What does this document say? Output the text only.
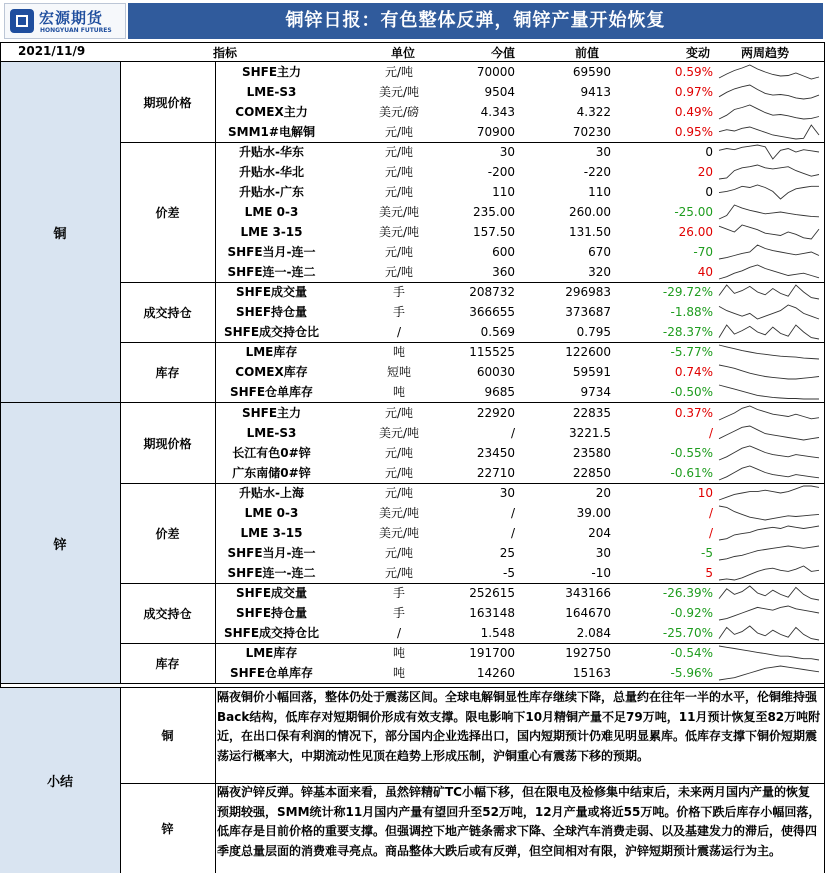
宏源期货
HONGYUAN FUTURES	铜锌日报：有色整体反弹，铜锌产量开始恢复
2021/11/9	指标	单位	今值	前值	变动	两周趋势
SHFE主力	元/吨	70000	69590	0.59%
LME-S3	美元/吨	9504	9413	0.97%
COMEX主力	美元/磅	4.343	4.322	0.49%
SMM1#电解铜	元/吨	70900	70230	0.95%
期现价格
升贴水-华东	元/吨	30	30	0
升贴水-华北	元/吨	-200	-220	20
升贴水-广东	元/吨	110	110	0
LME 0-3	美元/吨	235.00	260.00	-25.00
LME 3-15	美元/吨	157.50	131.50	26.00
SHFE当月-连一	元/吨	600	670	-70
SHFE连一-连二	元/吨	360	320	40
价差
SHFE成交量	手	208732	296983	-29.72%
SHEF持仓量	手	366655	373687	-1.88%
SHFE成交持仓比	/	0.569	0.795	-28.37%
成交持仓
LME库存	吨	115525	122600	-5.77%
COMEX库存	短吨	60030	59591	0.74%
SHFE仓单库存	吨	9685	9734	-0.50%
库存
铜
SHFE主力	元/吨	22920	22835	0.37%
LME-S3	美元/吨	/	3221.5	/
长江有色0#锌	元/吨	23450	23580	-0.55%
广东南储0#锌	元/吨	22710	22850	-0.61%
期现价格
升贴水-上海	元/吨	30	20	10
LME 0-3	美元/吨	/	39.00	/
LME 3-15	美元/吨	/	204	/
SHFE当月-连一	元/吨	25	30	-5
SHFE连一-连二	元/吨	-5	-10	5
价差
SHFE成交量	手	252615	343166	-26.39%
SHFE持仓量	手	163148	164670	-0.92%
SHFE成交持仓比	/	1.548	2.084	-25.70%
成交持仓
LME库存	吨	191700	192750	-0.54%
SHFE仓单库存	吨	14260	15163	-5.96%
库存
锌
小结
铜
隔夜铜价小幅回落，整体仍处于震荡区间。全球电解铜显性库存继续下降，总量约在往年一半的水平，伦铜维持强Back结构，低库存对短期铜价形成有效支撑。限电影响下10月精铜产量不足79万吨，11月预计恢复至82万吨附近，在出口保有利润的情况下，部分国内企业选择出口，国内短期预计仍难见明显累库。低库存支撑下铜价短期震荡运行概率大，中期流动性见顶在趋势上形成压制，沪铜重心有震荡下移的预期。
锌
隔夜沪锌反弹。锌基本面来看，虽然锌精矿TC小幅下移，但在限电及检修集中结束后，未来两月国内产量的恢复预期较强，SMM统计称11月国内产量有望回升至52万吨，12月产量或将近55万吨。价格下跌后库存小幅回落，低库存是目前价格的重要支撑。但强调控下地产链条需求下降、全球汽车消费走弱、以及基建发力的滞后，使得四季度总量层面的消费难寻亮点。商品整体大跌后或有反弹，但空间相对有限，沪锌短期预计震荡运行为主。
